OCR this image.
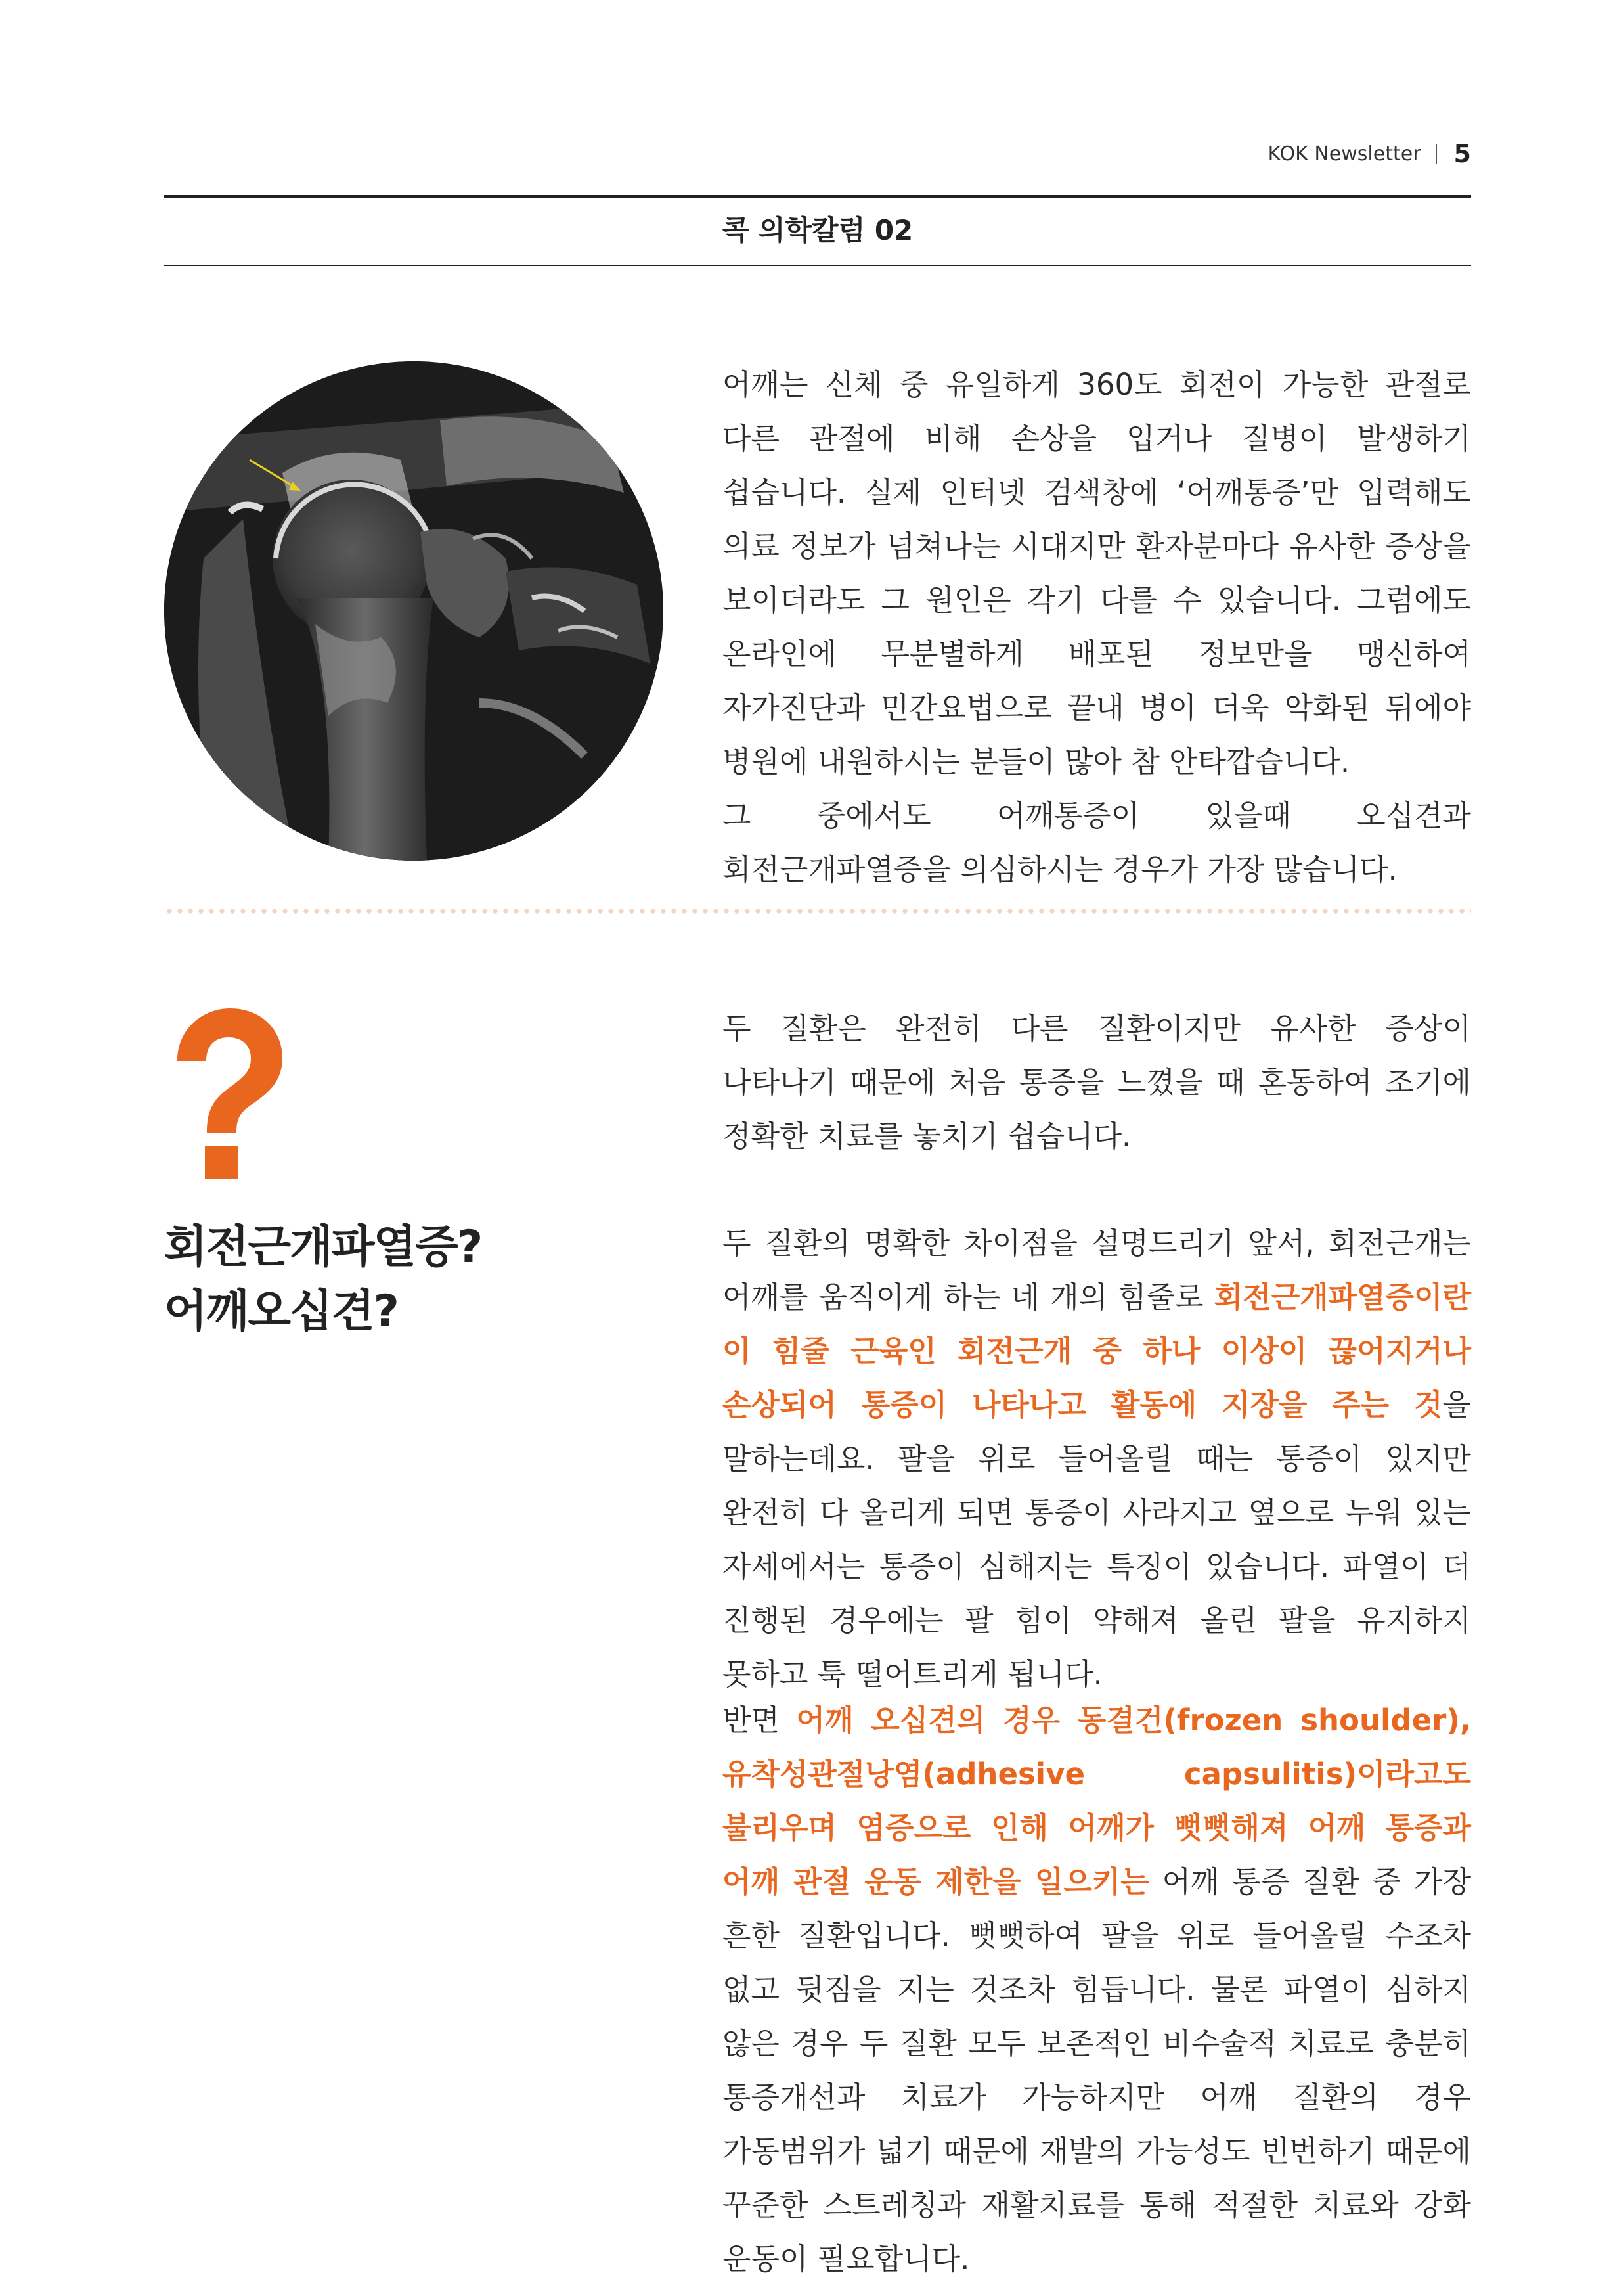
KOK Newsletter 5
콕 의학칼럼 02
어깨는 신체 중 유일하게 360도 회전이 가능한 관절로 다른 관절에 비해 손상을 입거나 질병이 발생하기 쉽습니다. 실제 인터넷 검색창에 ‘어깨통증’만 입력해도 의료 정보가 넘쳐나는 시대지만 환자분마다 유사한 증상을 보이더라도 그 원인은 각기 다를 수 있습니다. 그럼에도 온라인에 무분별하게 배포된 정보만을 맹신하여 자가진단과 민간요법으로 끝내 병이 더욱 악화된 뒤에야 병원에 내원하시는 분들이 많아 참 안타깝습니다.
그 중에서도 어깨통증이 있을때 오십견과 회전근개파열증을 의심하시는 경우가 가장 많습니다.
회전근개파열증?
어깨오십견?
두 질환은 완전히 다른 질환이지만 유사한 증상이 나타나기 때문에 처음 통증을 느꼈을 때 혼동하여 조기에 정확한 치료를 놓치기 쉽습니다.
두 질환의 명확한 차이점을 설명드리기 앞서, 회전근개는 어깨를 움직이게 하는 네 개의 힘줄로 회전근개파열증이란 이 힘줄 근육인 회전근개 중 하나 이상이 끊어지거나 손상되어 통증이 나타나고 활동에 지장을 주는 것을 말하는데요. 팔을 위로 들어올릴 때는 통증이 있지만 완전히 다 올리게 되면 통증이 사라지고 옆으로 누워 있는 자세에서는 통증이 심해지는 특징이 있습니다. 파열이 더 진행된 경우에는 팔 힘이 약해져 올린 팔을 유지하지 못하고 툭 떨어트리게 됩니다.
반면 어깨 오십견의 경우 동결건(frozen shoulder), 유착성관절낭염(adhesive capsulitis)이라고도 불리우며 염증으로 인해 어깨가 뻣뻣해져 어깨 통증과 어깨 관절 운동 제한을 일으키는 어깨 통증 질환 중 가장 흔한 질환입니다. 뻣뻣하여 팔을 위로 들어올릴 수조차 없고 뒷짐을 지는 것조차 힘듭니다. 물론 파열이 심하지 않은 경우 두 질환 모두 보존적인 비수술적 치료로 충분히 통증개선과 치료가 가능하지만 어깨 질환의 경우 가동범위가 넓기 때문에 재발의 가능성도 빈번하기 때문에 꾸준한 스트레칭과 재활치료를 통해 적절한 치료와 강화 운동이 필요합니다.
